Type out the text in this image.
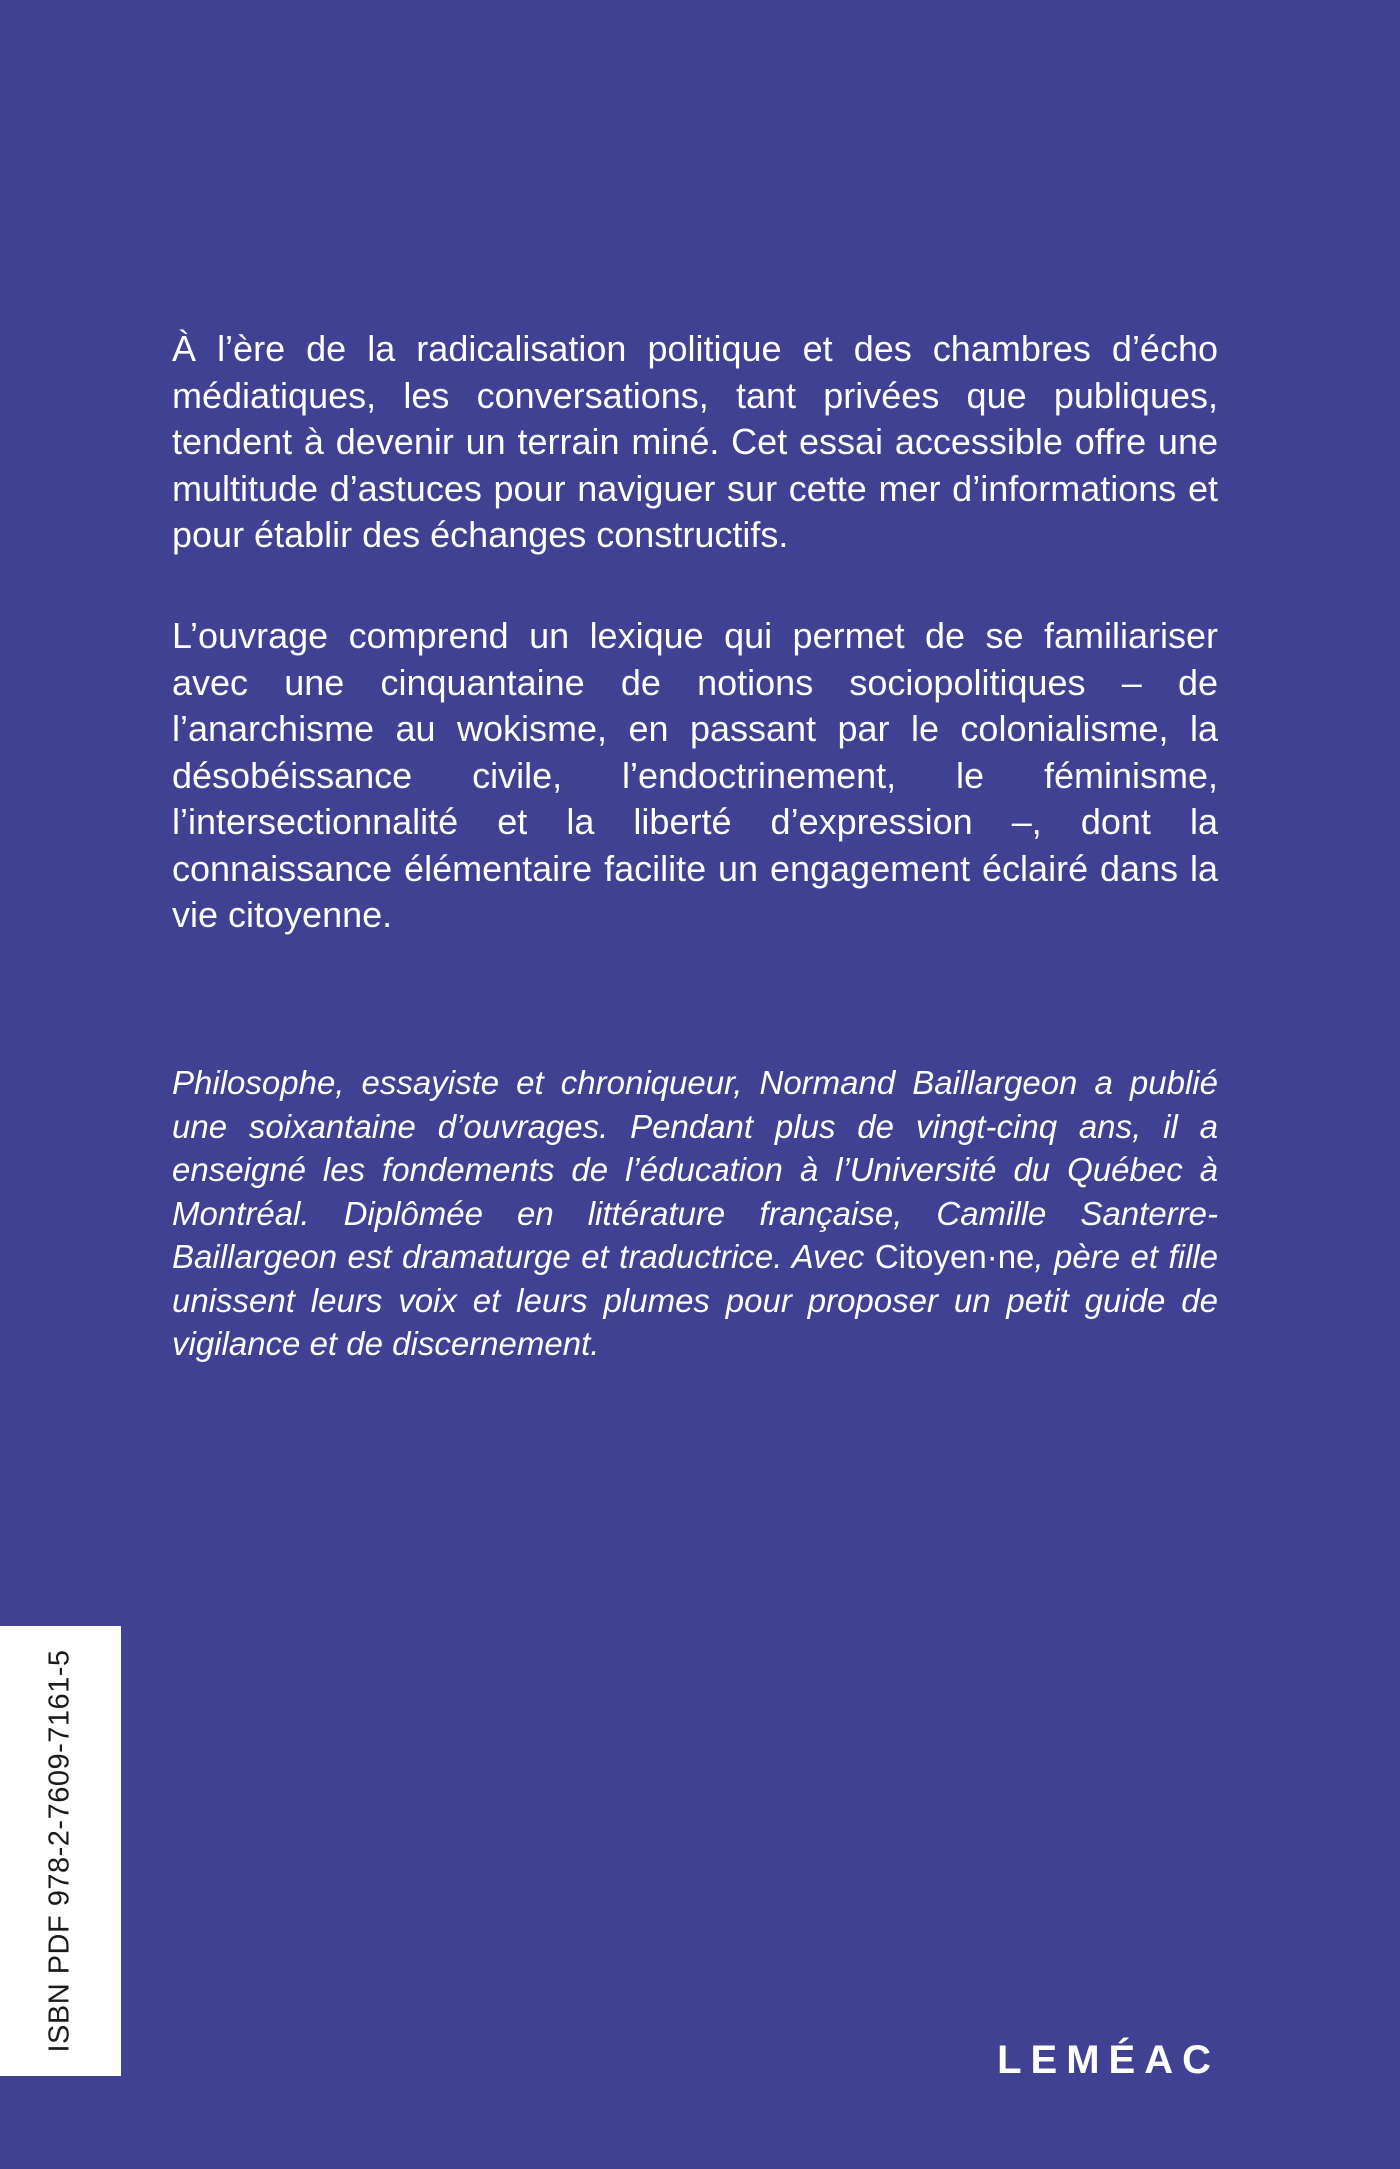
À l’ère de la radicalisation politique et des chambres d’écho médiatiques, les conversations, tant privées que publiques, tendent à devenir un terrain miné. Cet essai accessible offre une multitude d’astuces pour naviguer sur cette mer d’informations et pour établir des échanges constructifs.

L’ouvrage comprend un lexique qui permet de se familiariser avec une cinquantaine de notions sociopolitiques – de l’anarchisme au wokisme, en passant par le colonialisme, la désobéissance civile, l’endoctrinement, le féminisme, l’intersectionnalité et la liberté d’expression –, dont la connaissance élémentaire facilite un engagement éclairé dans la vie citoyenne.

Philosophe, essayiste et chroniqueur, Normand Baillargeon a publié une soixantaine d’ouvrages. Pendant plus de vingt-cinq ans, il a enseigné les fondements de l’éducation à l’Université du Québec à Montréal. Diplômée en littérature française, Camille Santerre-Baillargeon est dramaturge et traductrice. Avec Citoyen·ne, père et fille unissent leurs voix et leurs plumes pour proposer un petit guide de vigilance et de discernement.

ISBN PDF 978-2-7609-7161-5
LEMÉAC
